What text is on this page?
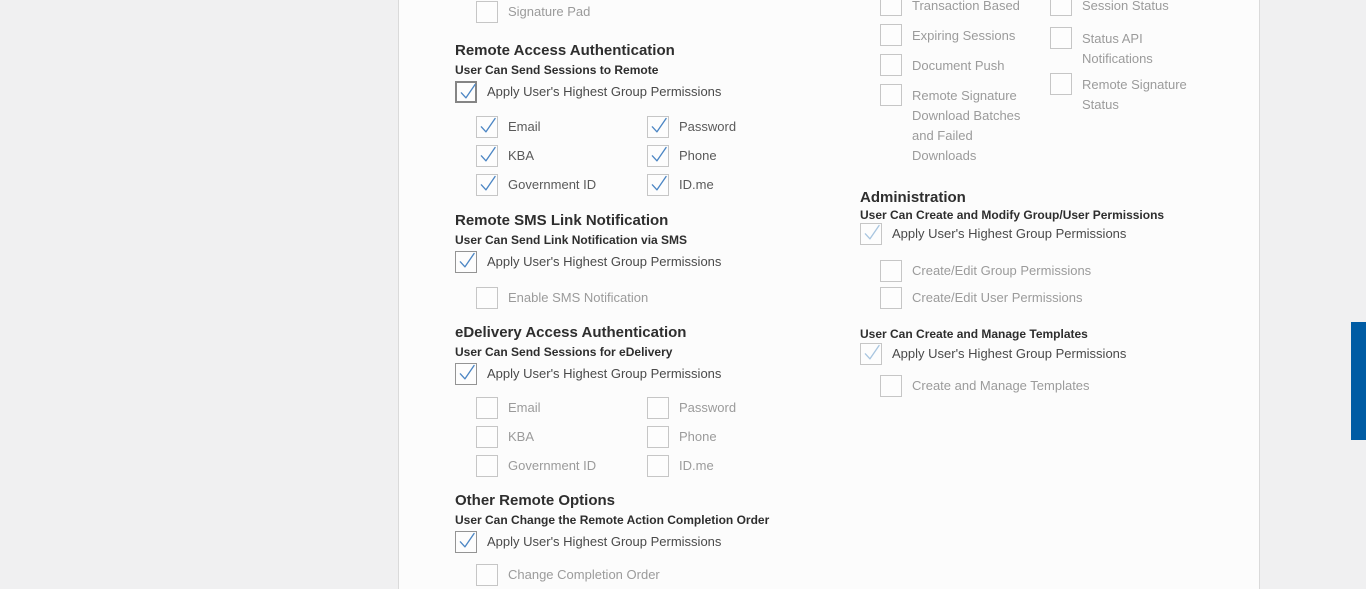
Signature Pad
Remote Access Authentication
User Can Send Sessions to Remote
Apply User's Highest Group Permissions
Email	Password
KBA	Phone
Government ID	ID.me
Remote SMS Link Notification
User Can Send Link Notification via SMS
Apply User's Highest Group Permissions
Enable SMS Notification
eDelivery Access Authentication
User Can Send Sessions for eDelivery
Apply User's Highest Group Permissions
Email	Password
KBA	Phone
Government ID	ID.me
Other Remote Options
User Can Change the Remote Action Completion Order
Apply User's Highest Group Permissions
Change Completion Order
Transaction Based
Expiring Sessions
Document Push
Remote Signature Download Batches and Failed Downloads
Session Status
Status API Notifications
Remote Signature Status
Administration
User Can Create and Modify Group/User Permissions
Apply User's Highest Group Permissions
Create/Edit Group Permissions
Create/Edit User Permissions
User Can Create and Manage Templates
Apply User's Highest Group Permissions
Create and Manage Templates
